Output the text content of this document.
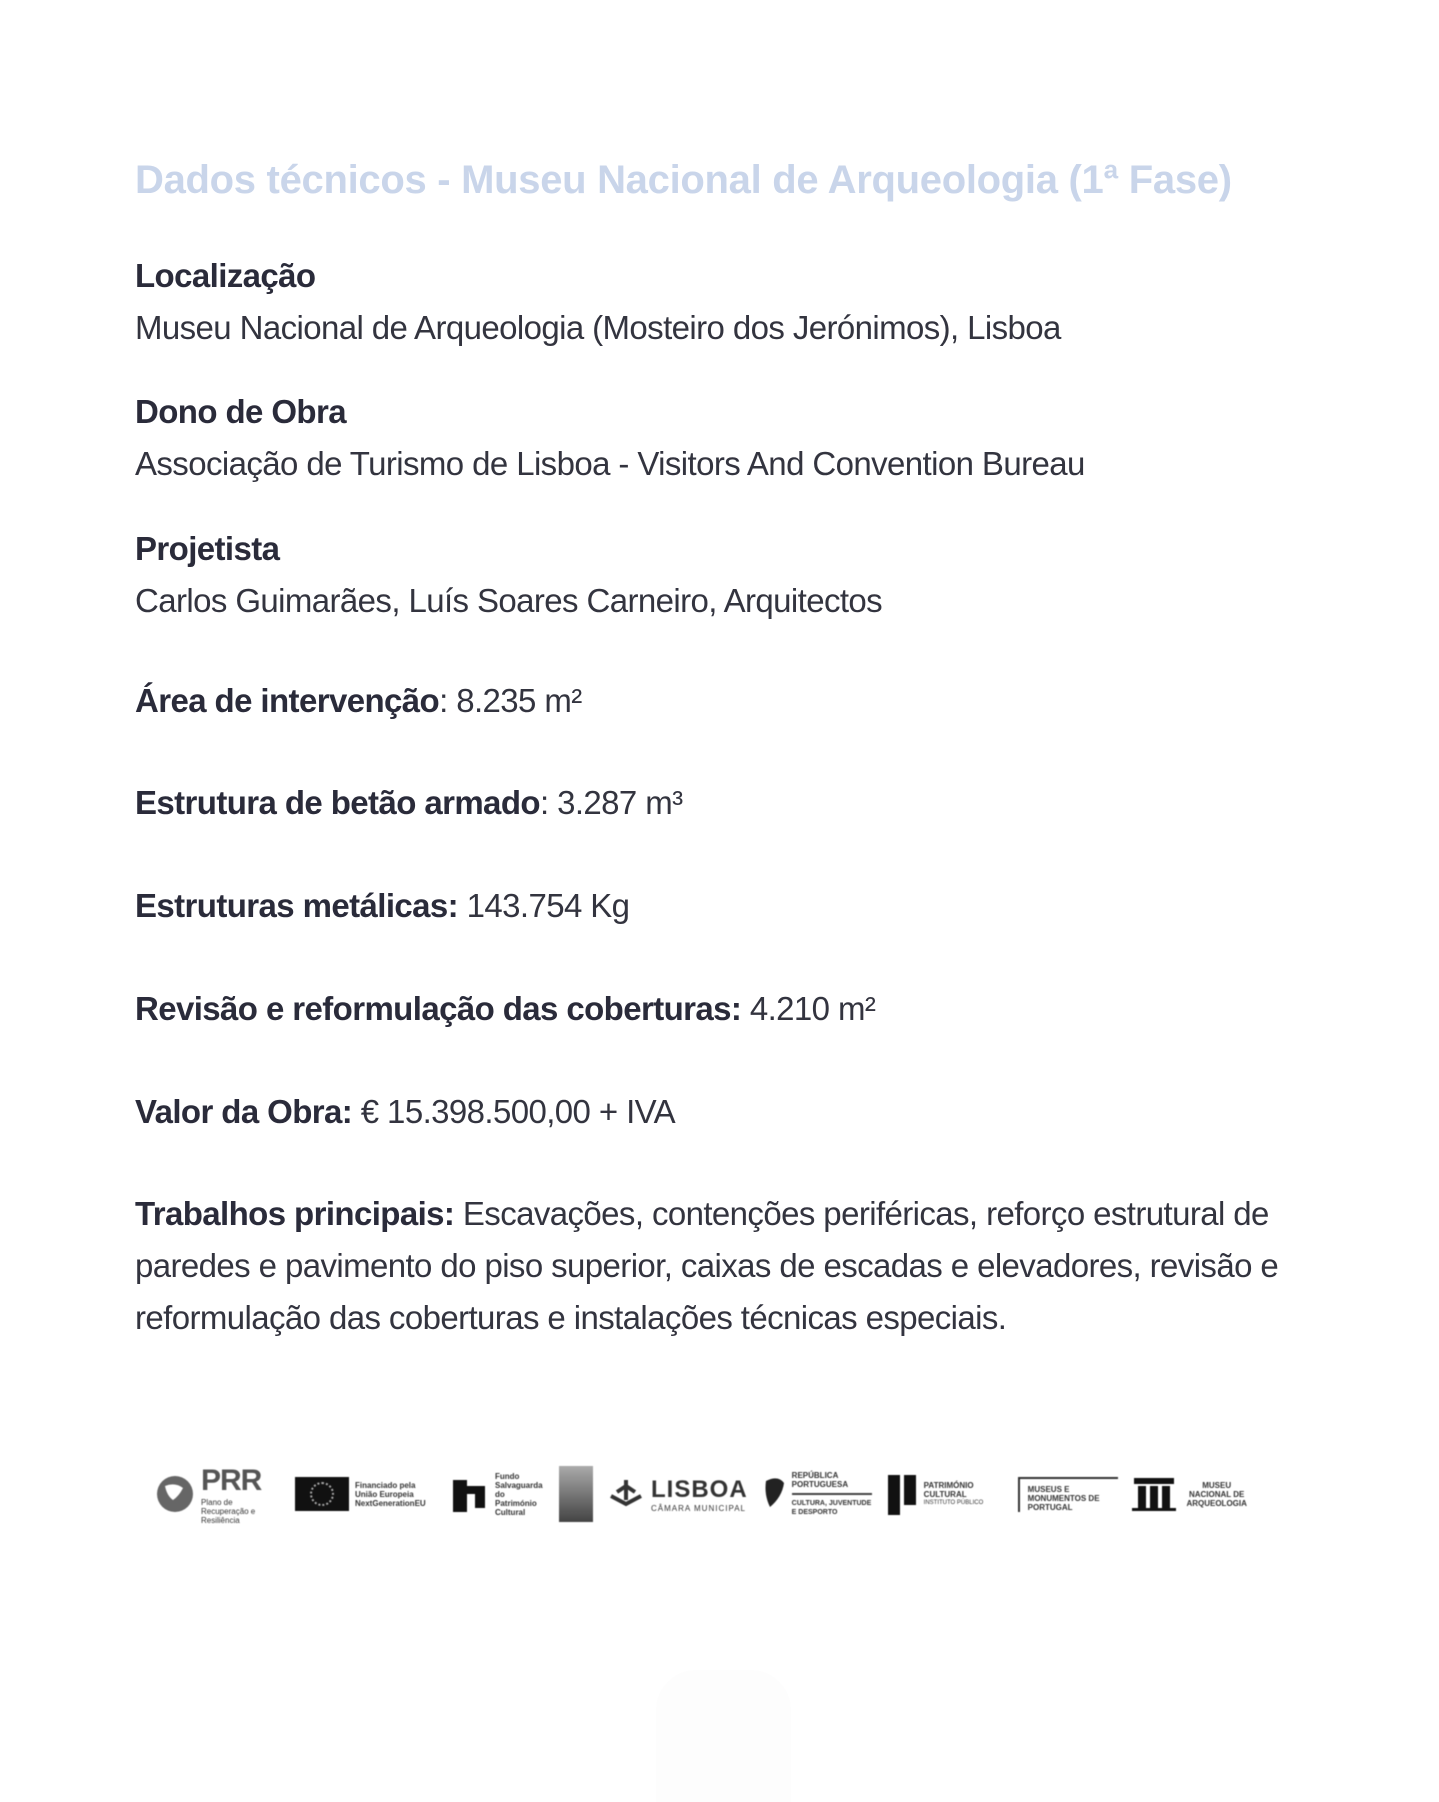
Dados técnicos - Museu Nacional de Arqueologia (1ª Fase)
Localização
Museu Nacional de Arqueologia (Mosteiro dos Jerónimos), Lisboa
Dono de Obra
Associação de Turismo de Lisboa - Visitors And Convention Bureau
Projetista
Carlos Guimarães, Luís Soares Carneiro, Arquitectos
Área de intervenção: 8.235 m²
Estrutura de betão armado: 3.287 m³
Estruturas metálicas: 143.754 Kg
Revisão e reformulação das coberturas: 4.210 m²
Valor da Obra: € 15.398.500,00 + IVA
Trabalhos principais: Escavações, contenções periféricas, reforço estrutural de paredes e pavimento do piso superior, caixas de escadas e elevadores, revisão e reformulação das coberturas e instalações técnicas especiais.
PRR
Plano de Recuperação e Resiliência
Financiado pela União Europeia NextGenerationEU
Fundo Salvaguarda do Património Cultural
LISBOA
CÂMARA MUNICIPAL
REPÚBLICA PORTUGUESA
CULTURA, JUVENTUDE E DESPORTO
PATRIMÓNIO CULTURAL
INSTITUTO PÚBLICO
MUSEUS E MONUMENTOS DE PORTUGAL
MUSEU NACIONAL DE ARQUEOLOGIA
